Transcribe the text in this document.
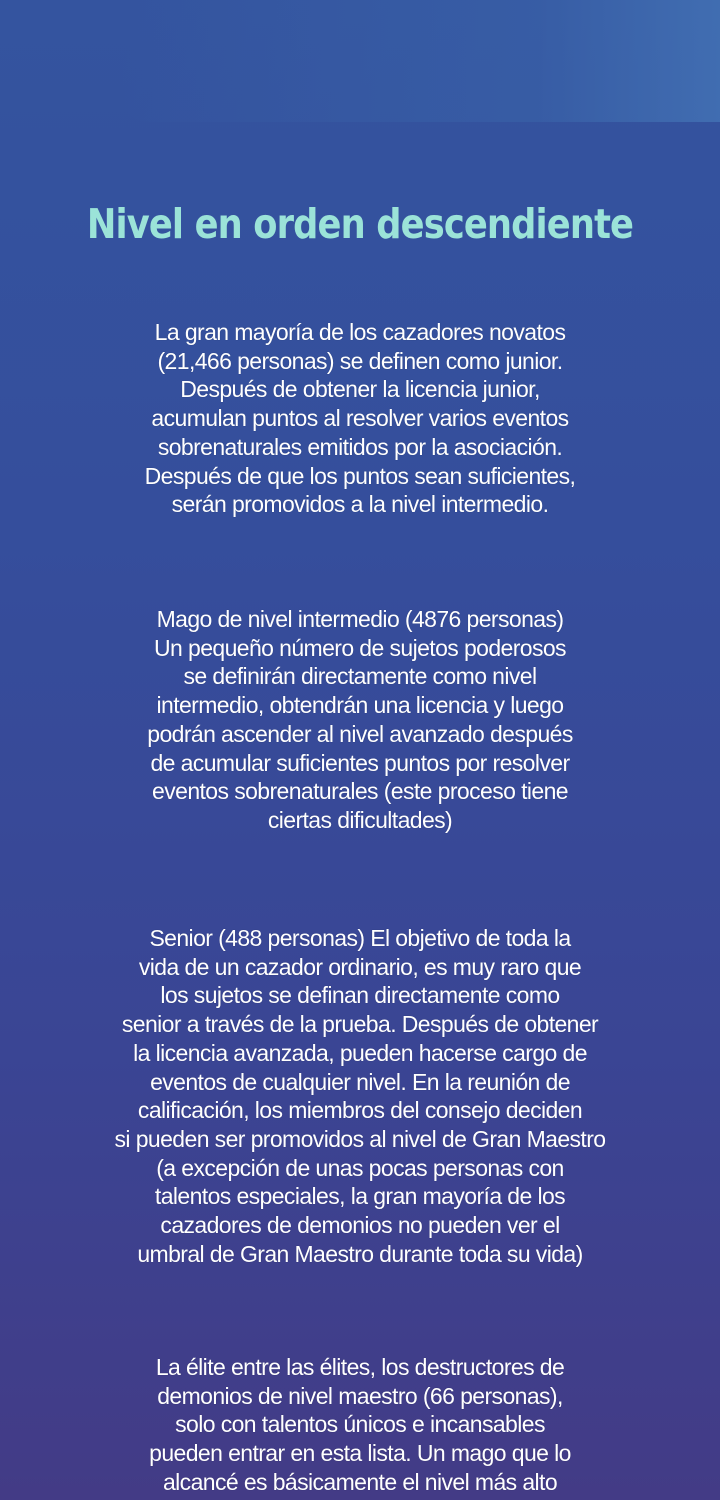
Nivel en orden descendiente
La gran mayoría de los cazadores novatos
(21,466 personas) se definen como junior.
Después de obtener la licencia junior,
acumulan puntos al resolver varios eventos
sobrenaturales emitidos por la asociación.
Después de que los puntos sean suficientes,
serán promovidos a la nivel intermedio.
Mago de nivel intermedio (4876 personas)
Un pequeño número de sujetos poderosos
se definirán directamente como nivel
intermedio, obtendrán una licencia y luego
podrán ascender al nivel avanzado después
de acumular suficientes puntos por resolver
eventos sobrenaturales (este proceso tiene
ciertas dificultades)
Senior (488 personas) El objetivo de toda la
vida de un cazador ordinario, es muy raro que
los sujetos se definan directamente como
senior a través de la prueba. Después de obtener
la licencia avanzada, pueden hacerse cargo de
eventos de cualquier nivel. En la reunión de
calificación, los miembros del consejo deciden
si pueden ser promovidos al nivel de Gran Maestro
(a excepción de unas pocas personas con
talentos especiales, la gran mayoría de los
cazadores de demonios no pueden ver el
umbral de Gran Maestro durante toda su vida)
La élite entre las élites, los destructores de
demonios de nivel maestro (66 personas),
solo con talentos únicos e incansables
pueden entrar en esta lista. Un mago que lo
alcancé es básicamente el nivel más alto
